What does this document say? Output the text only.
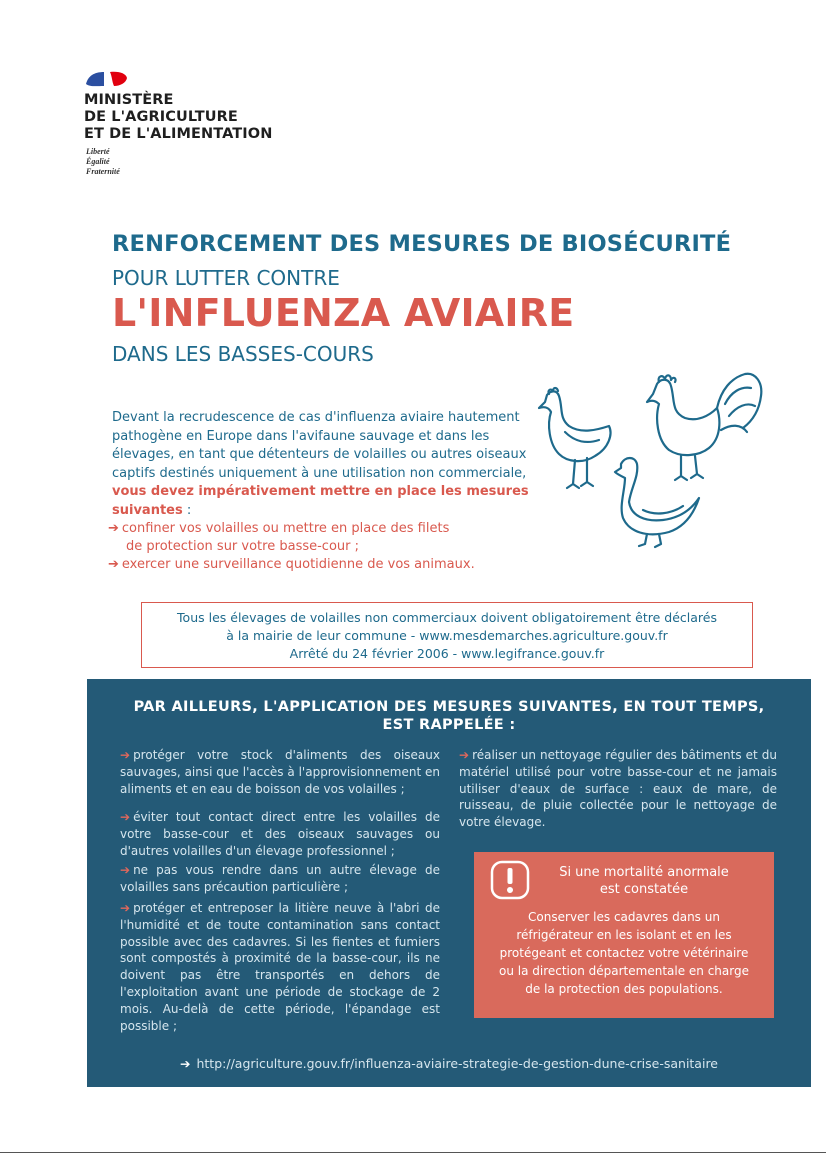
MINISTÈRE
DE L'AGRICULTURE
ET DE L'ALIMENTATION
Liberté
Égalité
Fraternité
RENFORCEMENT DES MESURES DE BIOSÉCURITÉ
POUR LUTTER CONTRE
L'INFLUENZA AVIAIRE
DANS LES BASSES-COURS
Devant la recrudescence de cas d'influenza aviaire hautement pathogène en Europe dans l'avifaune sauvage et dans les élevages, en tant que détenteurs de volailles ou autres oiseaux captifs destinés uniquement à une utilisation non commerciale, vous devez impérativement mettre en place les mesures suivantes :
➔ confiner vos volailles ou mettre en place des filets
de protection sur votre basse-cour ;
➔ exercer une surveillance quotidienne de vos animaux.
Tous les élevages de volailles non commerciaux doivent obligatoirement être déclarés
à la mairie de leur commune - www.mesdemarches.agriculture.gouv.fr
Arrêté du 24 février 2006 - www.legifrance.gouv.fr
PAR AILLEURS, L'APPLICATION DES MESURES SUIVANTES, EN TOUT TEMPS,
EST RAPPELÉE :
➔ protéger votre stock d'aliments des oiseaux sauvages, ainsi que l'accès à l'approvisionnement en aliments et en eau de boisson de vos volailles ;
➔ éviter tout contact direct entre les volailles de votre basse-cour et des oiseaux sauvages ou d'autres volailles d'un élevage professionnel ;
➔ ne pas vous rendre dans un autre élevage de volailles sans précaution particulière ;
➔ protéger et entreposer la litière neuve à l'abri de l'humidité et de toute contamination sans contact possible avec des cadavres. Si les fientes et fumiers sont compostés à proximité de la basse-cour, ils ne doivent pas être transportés en dehors de l'exploitation avant une période de stockage de 2 mois. Au-delà de cette période, l'épandage est possible ;
➔ réaliser un nettoyage régulier des bâtiments et du matériel utilisé pour votre basse-cour et ne jamais utiliser d'eaux de surface : eaux de mare, de ruisseau, de pluie collectée pour le nettoyage de votre élevage.
➔ http://agriculture.gouv.fr/influenza-aviaire-strategie-de-gestion-dune-crise-sanitaire
Si une mortalité anormale
est constatée
Conserver les cadavres dans un
réfrigérateur en les isolant et en les
protégeant et contactez votre vétérinaire
ou la direction départementale en charge
de la protection des populations.
